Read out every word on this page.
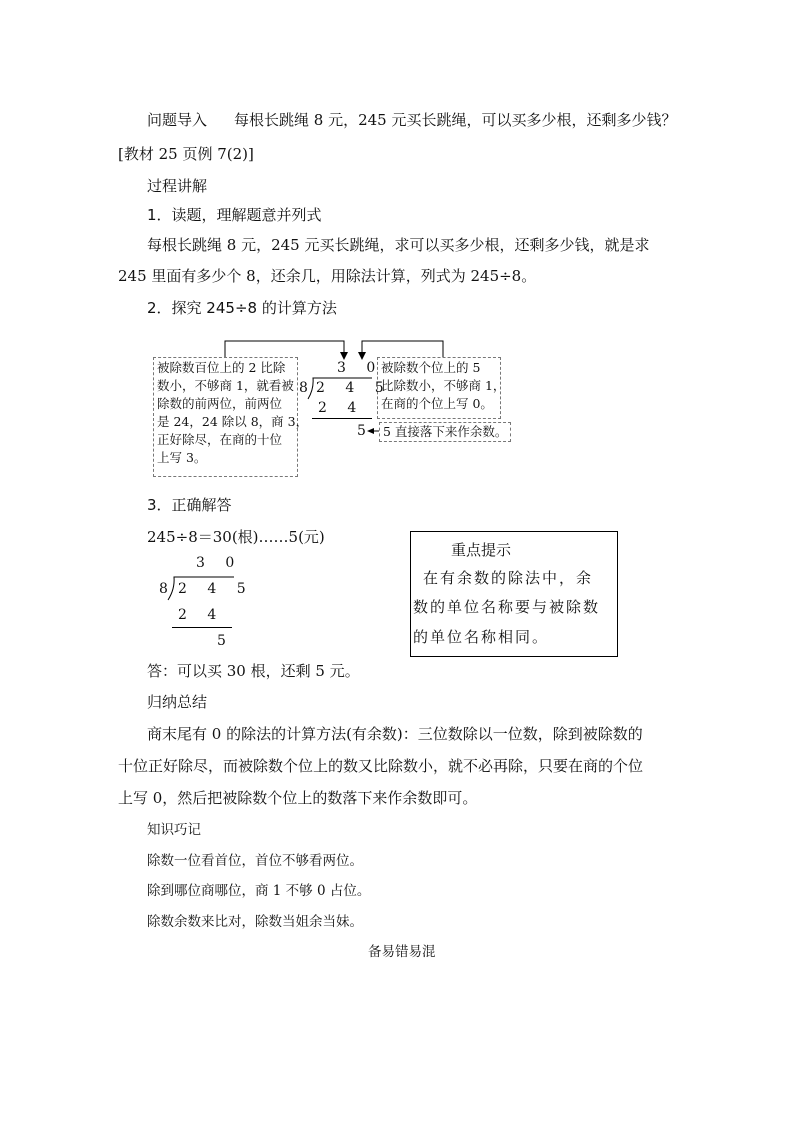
问题导入 每根长跳绳 8 元，245 元买长跳绳，可以买多少根，还剩多少钱？
[教材 25 页例 7(2)]
过程讲解
1．读题，理解题意并列式
每根长跳绳 8 元，245 元买长跳绳，求可以买多少根，还剩多少钱，就是求
245 里面有多少个 8，还余几，用除法计算，列式为 245÷8。
2．探究 245÷8 的计算方法
被除数百位上的 2 比除
数小，不够商 1，就看被
除数的前两位，前两位
是 24，24 除以 8，商 3，
正好除尽，在商的十位
上写 3。
被除数个位上的 5
比除数小，不够商 1，
在商的个位上写 0。
5 直接落下来作余数。
3 0
8 2 4 5
2 4
5
3．正确解答
245÷8＝30(根)……5(元)
3 0
8 2 4 5
2 4
5
答：可以买 30 根，还剩 5 元。
重点提示
在有余数的除法中，余
数的单位名称要与被除数
的单位名称相同。
归纳总结
商末尾有 0 的除法的计算方法(有余数)：三位数除以一位数，除到被除数的
十位正好除尽，而被除数个位上的数又比除数小，就不必再除，只要在商的个位
上写 0，然后把被除数个位上的数落下来作余数即可。
知识巧记
除数一位看首位，首位不够看两位。
除到哪位商哪位，商 1 不够 0 占位。
除数余数来比对，除数当姐余当妹。
备易错易混
